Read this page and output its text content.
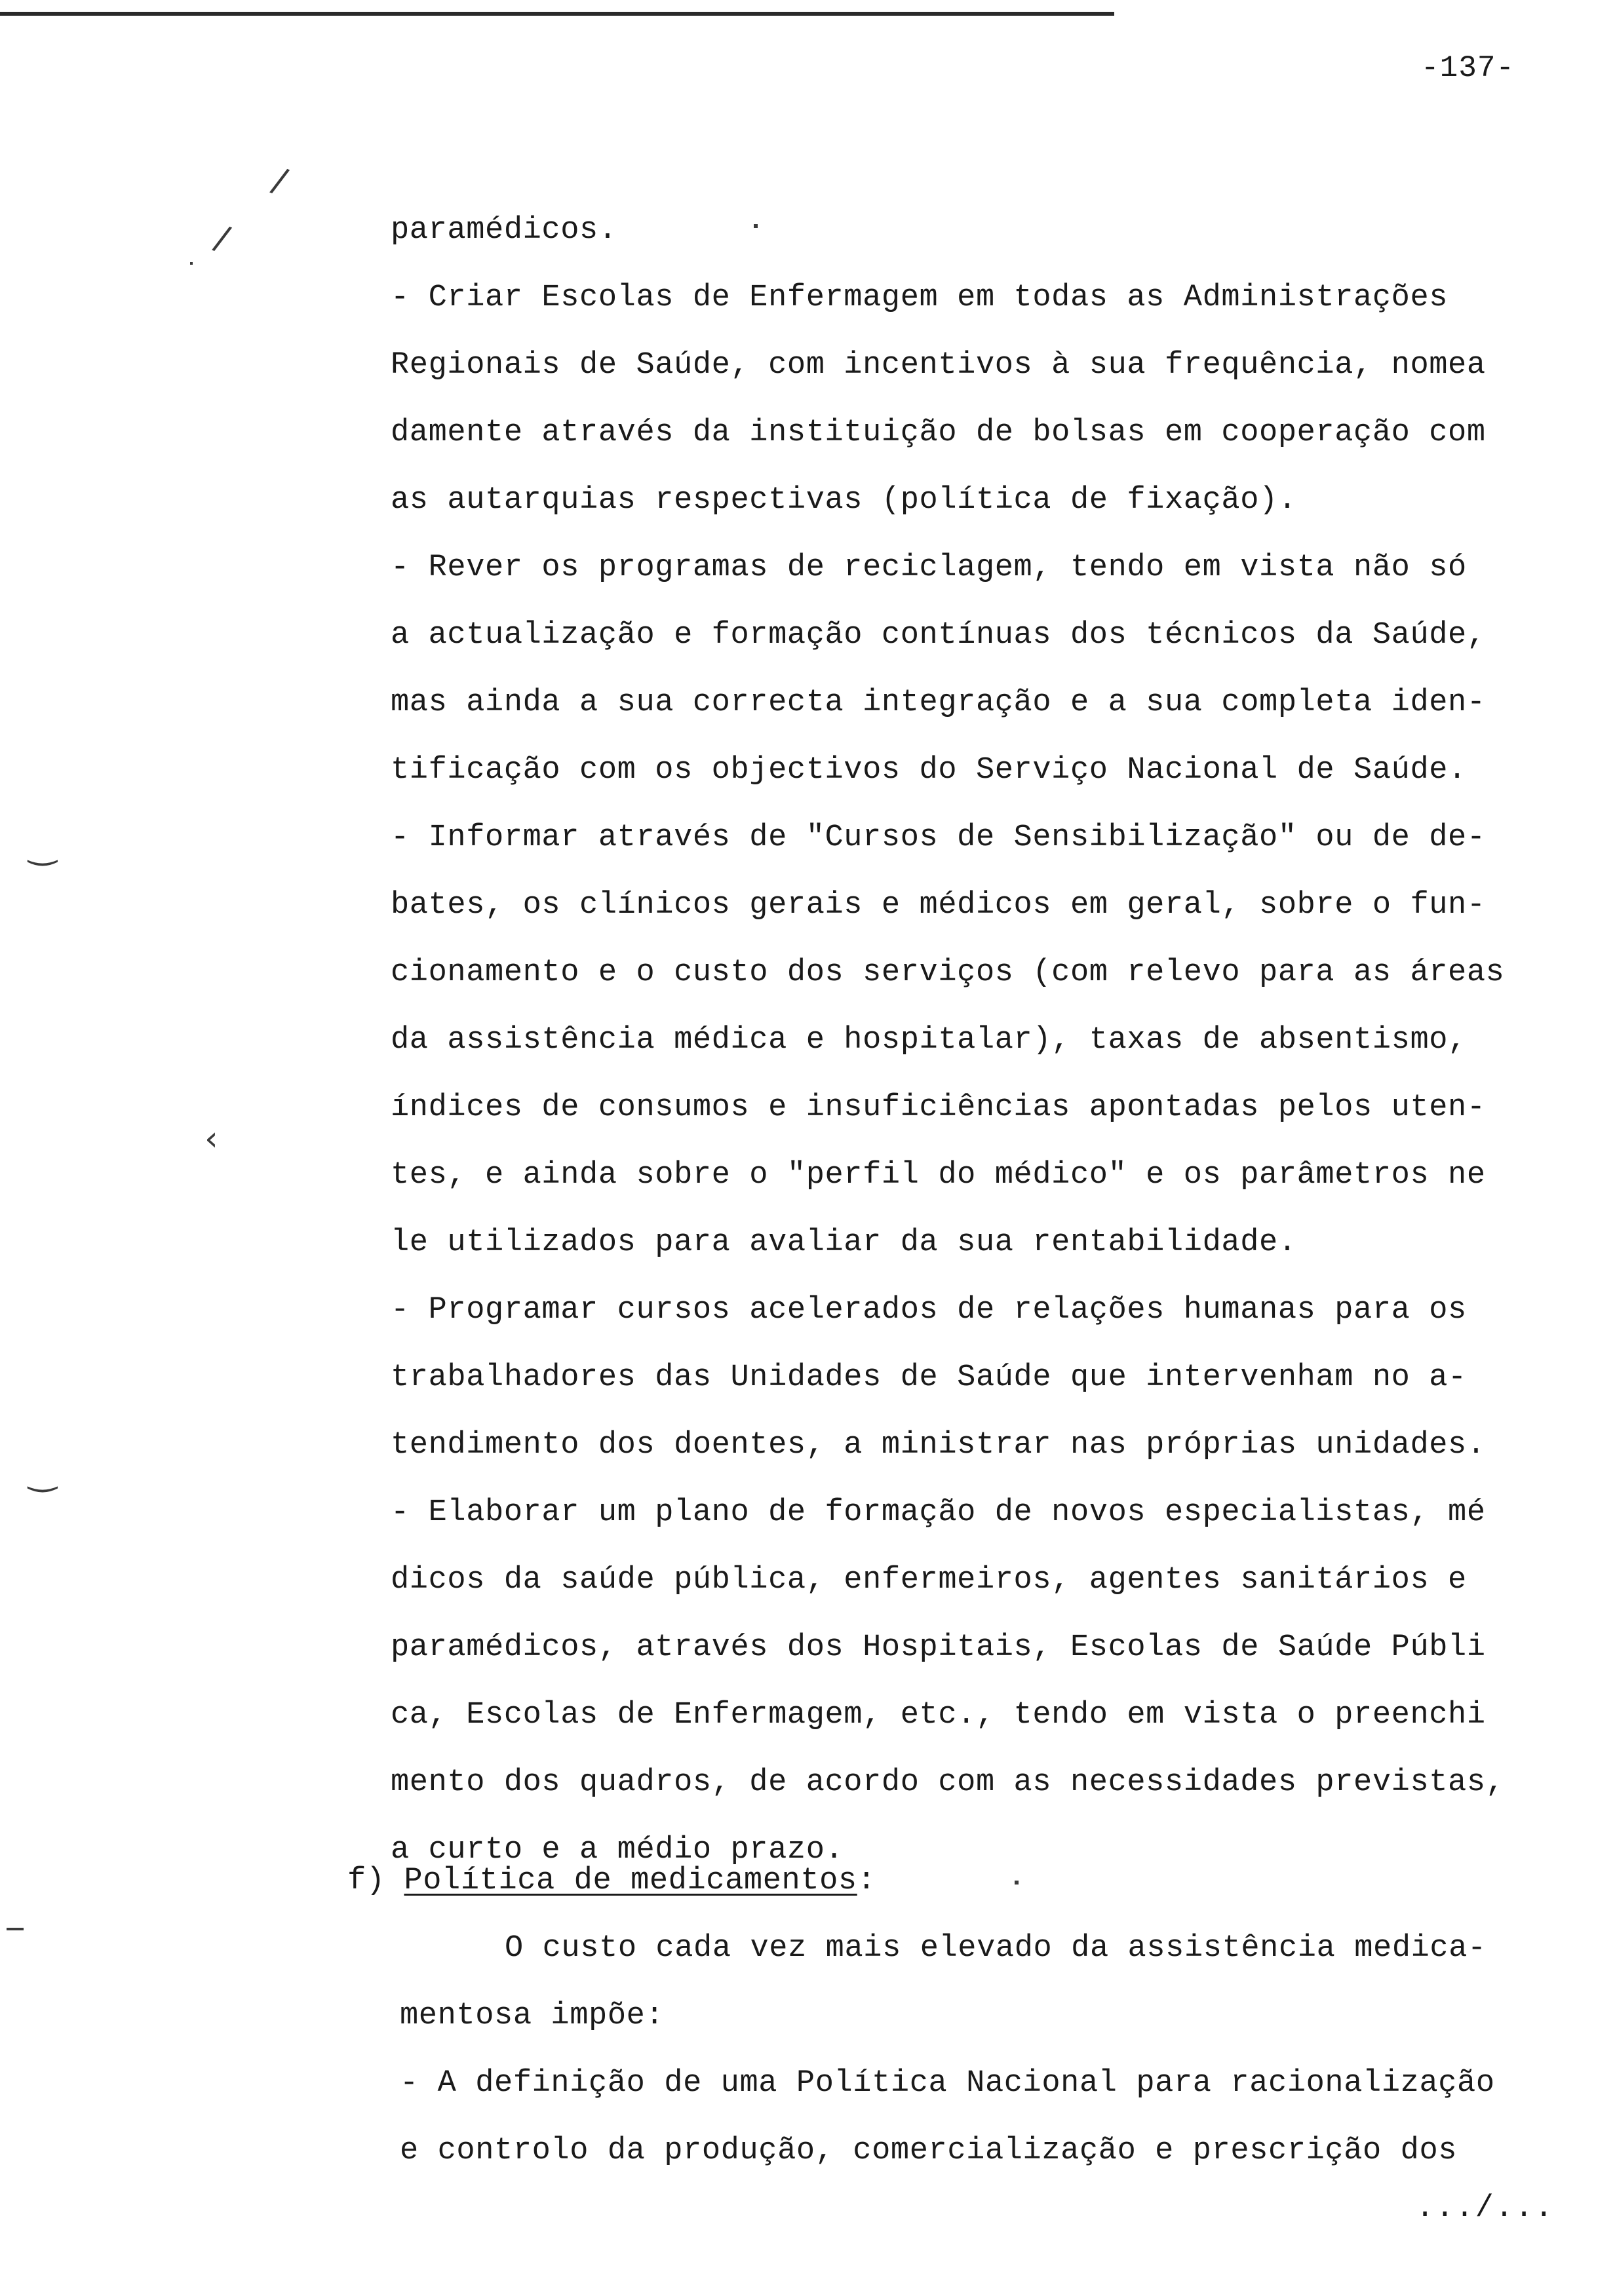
-137-
/
/
‿
‹
‿
paramédicos.
- Criar Escolas de Enfermagem em todas as Administrações
Regionais de Saúde, com incentivos à sua frequência, nomea
damente através da instituição de bolsas em cooperação com
as autarquias respectivas (política de fixação).
- Rever os programas de reciclagem, tendo em vista não só
a actualização e formação contínuas dos técnicos da Saúde,
mas ainda a sua correcta integração e a sua completa iden-
tificação com os objectivos do Serviço Nacional de Saúde.
- Informar através de "Cursos de Sensibilização" ou de de-
bates, os clínicos gerais e médicos em geral, sobre o fun-
cionamento e o custo dos serviços (com relevo para as áreas
da assistência médica e hospitalar), taxas de absentismo,
índices de consumos e insuficiências apontadas pelos uten-
tes, e ainda sobre o "perfil do médico" e os parâmetros ne
le utilizados para avaliar da sua rentabilidade.
- Programar cursos acelerados de relações humanas para os
trabalhadores das Unidades de Saúde que intervenham no a-
tendimento dos doentes, a ministrar nas próprias unidades.
- Elaborar um plano de formação de novos especialistas, mé
dicos da saúde pública, enfermeiros, agentes sanitários e
paramédicos, através dos Hospitais, Escolas de Saúde Públi
ca, Escolas de Enfermagem, etc., tendo em vista o preenchi
mento dos quadros, de acordo com as necessidades previstas,
a curto e a médio prazo.
f) Política de medicamentos:
O custo cada vez mais elevado da assistência medica-
mentosa impõe:
- A definição de uma Política Nacional para racionalização
e controlo da produção, comercialização e prescrição dos
.../...
